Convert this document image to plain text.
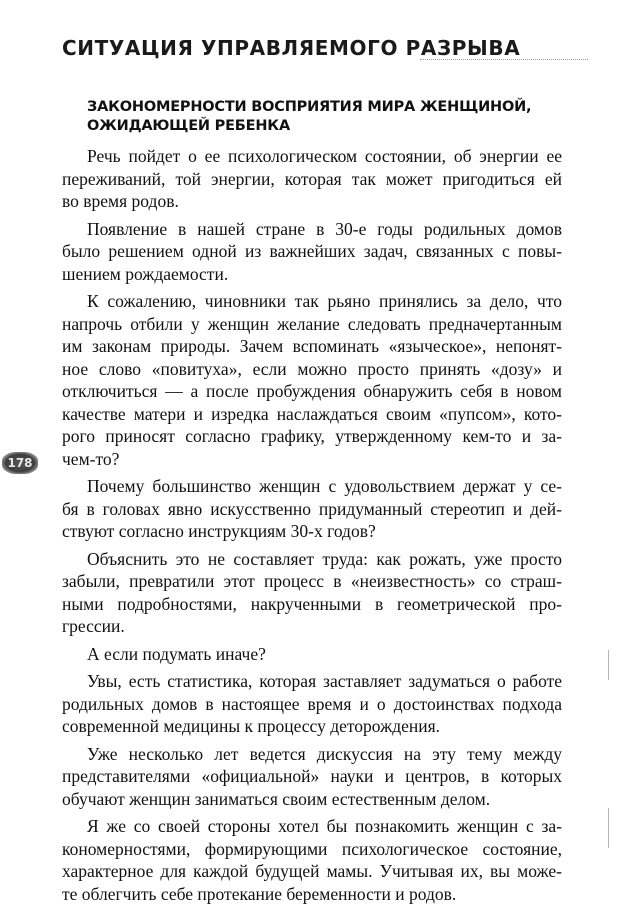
СИТУАЦИЯ УПРАВЛЯЕМОГО РАЗРЫВА
ЗАКОНОМЕРНОСТИ ВОСПРИЯТИЯ МИРА ЖЕНЩИНОЙ,
ОЖИДАЮЩЕЙ РЕБЕНКА
178
Речь пойдет о ее психологическом состоянии, об энергии ее
переживаний, той энергии, которая так может пригодиться ей
во время родов.
Появление в нашей стране в 30-е годы родильных домов
было решением одной из важнейших задач, связанных с повы-
шением рождаемости.
К сожалению, чиновники так рьяно принялись за дело, что
напрочь отбили у женщин желание следовать предначертанным
им законам природы. Зачем вспоминать «языческое», непонят-
ное слово «повитуха», если можно просто принять «дозу» и
отключиться — а после пробуждения обнаружить себя в новом
качестве матери и изредка наслаждаться своим «пупсом», кото-
рого приносят согласно графику, утвержденному кем-то и за-
чем-то?
Почему большинство женщин с удовольствием держат у се-
бя в головах явно искусственно придуманный стереотип и дей-
ствуют согласно инструкциям 30-х годов?
Объяснить это не составляет труда: как рожать, уже просто
забыли, превратили этот процесс в «неизвестность» со страш-
ными подробностями, накрученными в геометрической про-
грессии.
А если подумать иначе?
Увы, есть статистика, которая заставляет задуматься о работе
родильных домов в настоящее время и о достоинствах подхода
современной медицины к процессу деторождения.
Уже несколько лет ведется дискуссия на эту тему между
представителями «официальной» науки и центров, в которых
обучают женщин заниматься своим естественным делом.
Я же со своей стороны хотел бы познакомить женщин с за-
кономерностями, формирующими психологическое состояние,
характерное для каждой будущей мамы. Учитывая их, вы може-
те облегчить себе протекание беременности и родов.
